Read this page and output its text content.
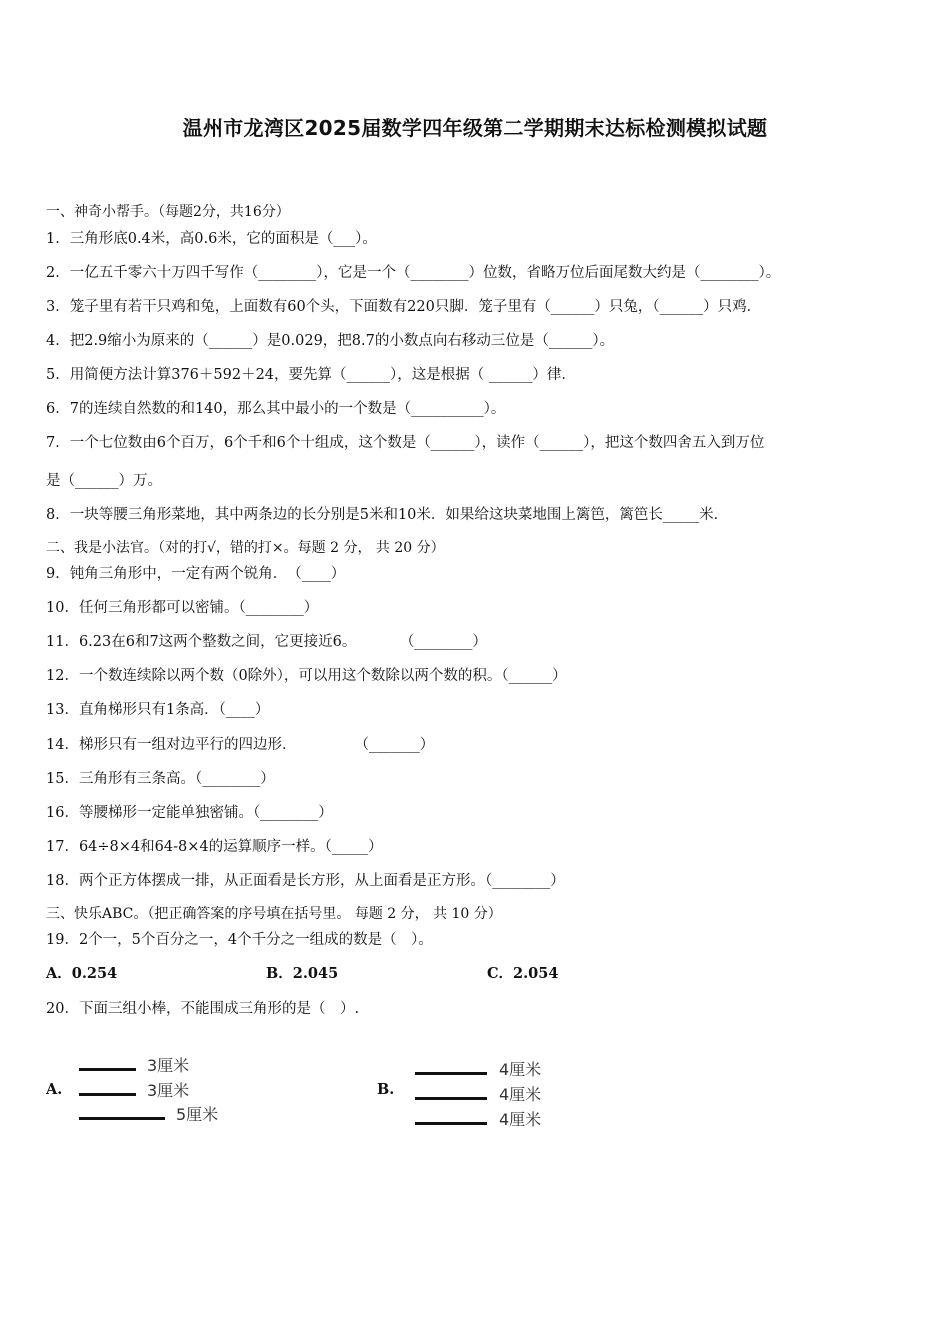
温州市龙湾区2025届数学四年级第二学期期末达标检测模拟试题
一、神奇小帮手。（每题2分，共16分）
1．三角形底0.4米，高0.6米，它的面积是（___）。
2．一亿五千零六十万四千写作（________），它是一个（________）位数，省略万位后面尾数大约是（________）。
3．笼子里有若干只鸡和兔，上面数有60个头，下面数有220只脚．笼子里有（______）只兔，（______）只鸡．
4．把2.9缩小为原来的（______）是0.029，把8.7的小数点向右移动三位是（______）。
5．用简便方法计算376＋592＋24，要先算（______），这是根据（ ______）律．
6．7的连续自然数的和140，那么其中最小的一个数是（__________）。
7．一个七位数由6个百万，6个千和6个十组成，这个数是（______），读作（______），把这个数四舍五入到万位
是（______）万。
8．一块等腰三角形菜地，其中两条边的长分别是5米和10米．如果给这块菜地围上篱笆，篱笆长_____米．
二、我是小法官。（对的打√，错的打×。每题 2 分， 共 20 分）
9．钝角三角形中，一定有两个锐角．　（____）
10．任何三角形都可以密铺。（________）
11．6.23在6和7这两个整数之间，它更接近6。　　　　（________）
12．一个数连续除以两个数（0除外），可以用这个数除以两个数的积。（______）
13．直角梯形只有1条高．（____）
14．梯形只有一组对边平行的四边形．　　　　　（_______）
15．三角形有三条高。（________）
16．等腰梯形一定能单独密铺。（________）
17．64÷8×4和64-8×4的运算顺序一样。（_____）
18．两个正方体摆成一排，从正面看是长方形，从上面看是正方形。（________）
三、快乐ABC。（把正确答案的序号填在括号里。 每题 2 分， 共 10 分）
19．2个一，5个百分之一，4个千分之一组成的数是（　）。
A．0.254	B．2.045	C．2.054
20．下面三组小棒，不能围成三角形的是（　）.
A.
3厘米
3厘米
5厘米
B.
4厘米
4厘米
4厘米
